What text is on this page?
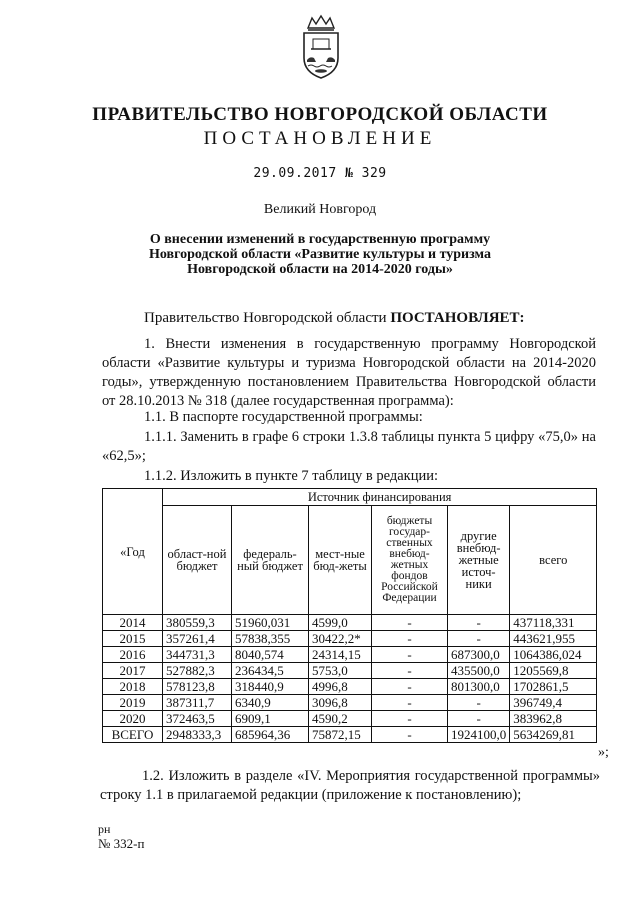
ПРАВИТЕЛЬСТВО НОВГОРОДСКОЙ ОБЛАСТИ
ПОСТАНОВЛЕНИЕ
29.09.2017 № 329
Великий Новгород
О внесении изменений в государственную программу Новгородской области «Развитие культуры и туризма Новгородской области на 2014-2020 годы»
Правительство Новгородской области ПОСТАНОВЛЯЕТ:
1. Внести изменения в государственную программу Новгородской области «Развитие культуры и туризма Новгородской области на 2014-2020 годы», утвержденную постановлением Правительства Новгородской области от 28.10.2013 № 318 (далее государственная программа):
1.1. В паспорте государственной программы:
1.1.1. Заменить в графе 6 строки 1.3.8 таблицы пункта 5 цифру «75,0» на «62,5»;
1.1.2. Изложить в пункте 7 таблицу в редакции:
«Год	Источник финансирования					
	област-ной бюджет	федераль-ный бюджет	мест-ные бюд-жеты	бюджеты государ-ственных внебюд-жетных фондов Российской Федерации	другие внебюд-жетные источ-ники	всего
2014	380559,3	51960,031	4599,0	-	-	437118,331
2015	357261,4	57838,355	30422,2*	-	-	443621,955
2016	344731,3	8040,574	24314,15	-	687300,0	1064386,024
2017	527882,3	236434,5	5753,0	-	435500,0	1205569,8
2018	578123,8	318440,9	4996,8	-	801300,0	1702861,5
2019	387311,7	6340,9	3096,8	-	-	396749,4
2020	372463,5	6909,1	4590,2	-	-	383962,8
ВСЕГО	2948333,3	685964,36	75872,15	-	1924100,0	5634269,81
»;
1.2. Изложить в разделе «IV. Мероприятия государственной программы» строку 1.1 в прилагаемой редакции (приложение к постановлению);
рн
№ 332-п
